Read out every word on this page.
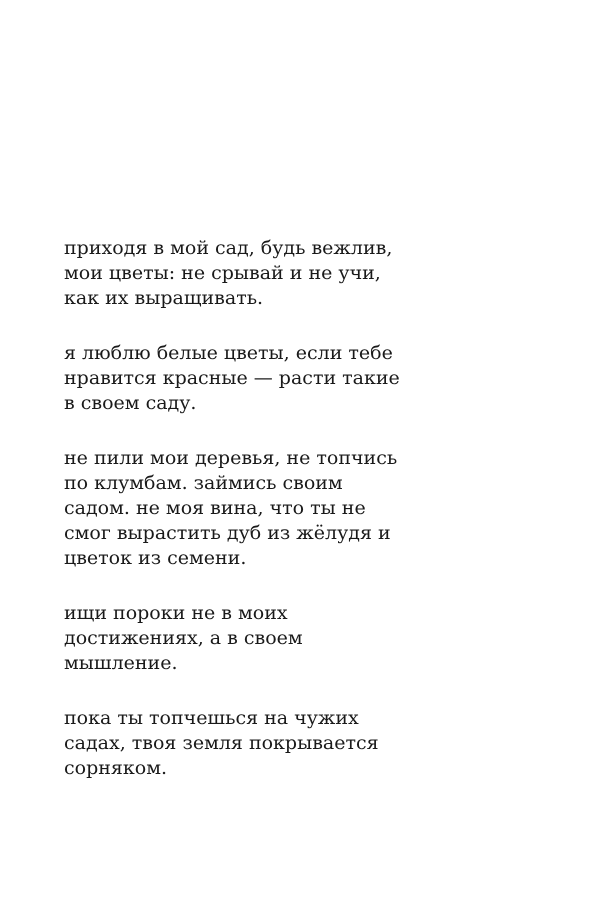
приходя в мой сад, будь вежлив,
мои цветы: не срывай и не учи,
как их выращивать.
я люблю белые цветы, если тебе
нравится красные — расти такие
в своем саду.
не пили мои деревья, не топчись
по клумбам. займись своим
садом. не моя вина, что ты не
смог вырастить дуб из жёлудя и
цветок из семени.
ищи пороки не в моих
достижениях, а в своем
мышление.
пока ты топчешься на чужих
садах, твоя земля покрывается
сорняком.
